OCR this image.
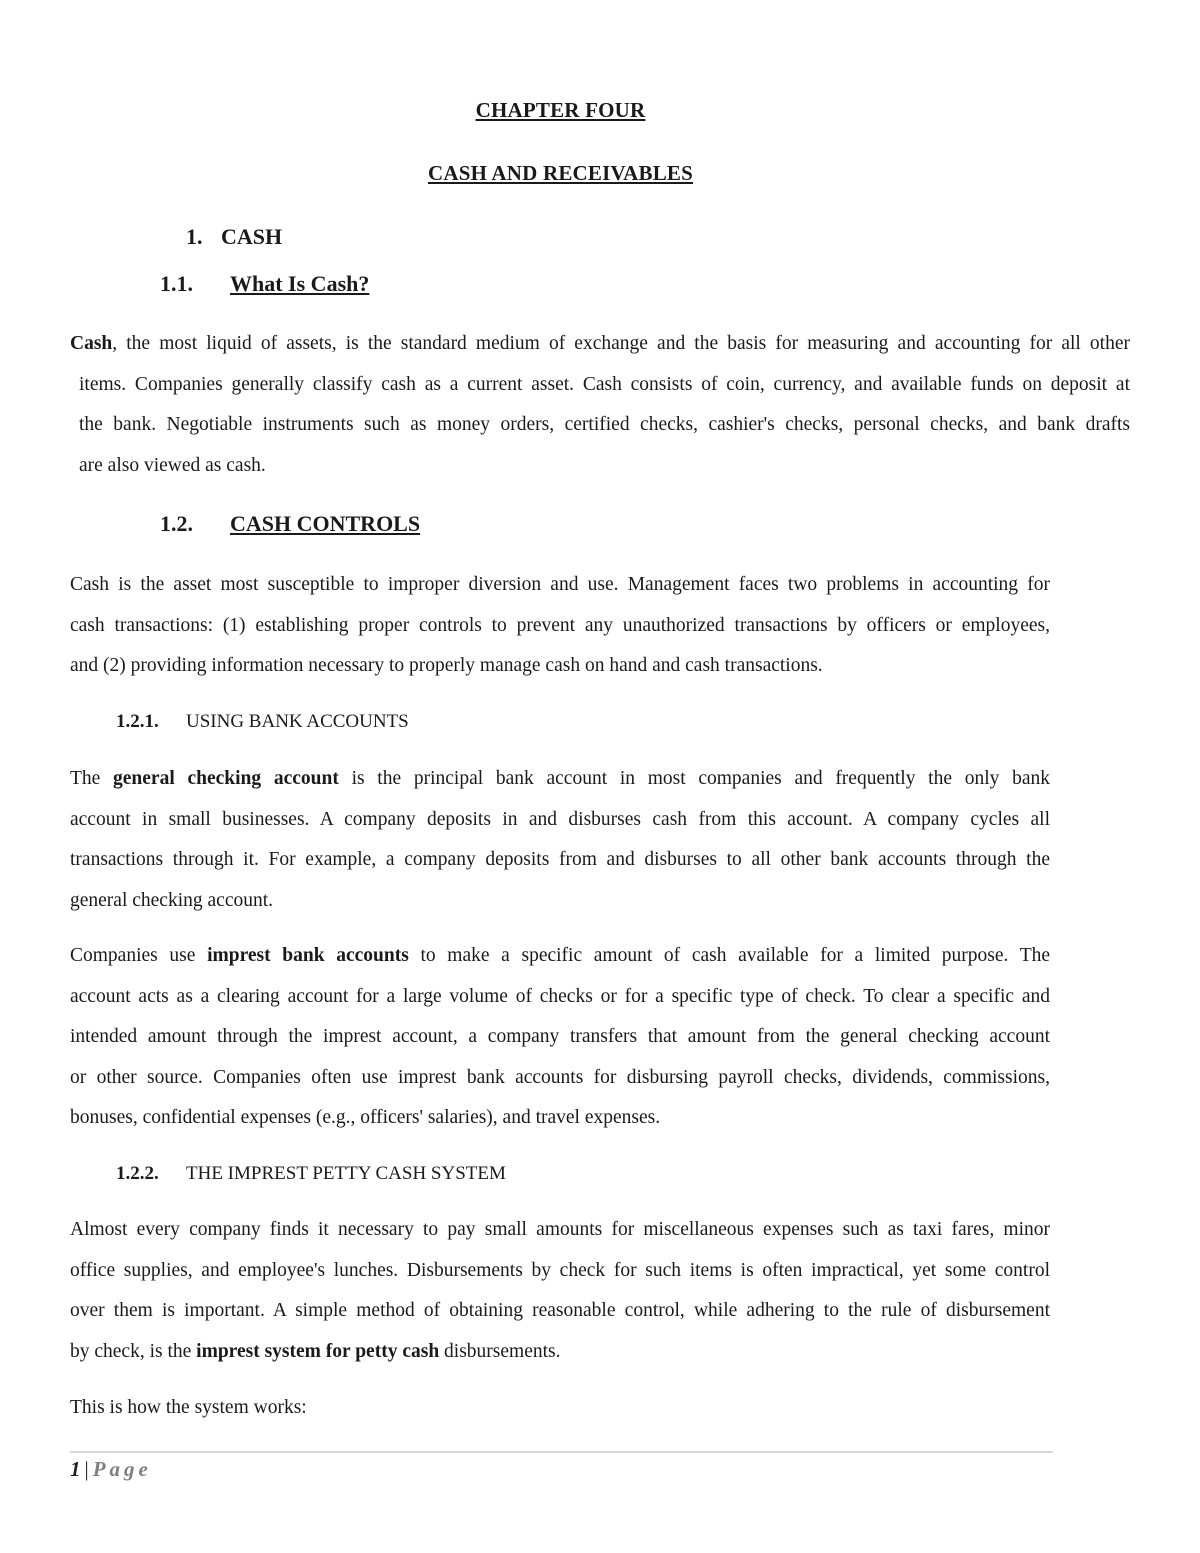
CHAPTER FOUR
CASH AND RECEIVABLES
1. CASH
1.1. What Is Cash?
Cash, the most liquid of assets, is the standard medium of exchange and the basis for measuring and accounting for all other
items. Companies generally classify cash as a current asset. Cash consists of coin, currency, and available funds on deposit at
the bank. Negotiable instruments such as money orders, certified checks, cashier's checks, personal checks, and bank drafts
are also viewed as cash.
1.2. CASH CONTROLS
Cash is the asset most susceptible to improper diversion and use. Management faces two problems in accounting for
cash transactions: (1) establishing proper controls to prevent any unauthorized transactions by officers or employees,
and (2) providing information necessary to properly manage cash on hand and cash transactions.
1.2.1. USING BANK ACCOUNTS
The general checking account is the principal bank account in most companies and frequently the only bank
account in small businesses. A company deposits in and disburses cash from this account. A company cycles all
transactions through it. For example, a company deposits from and disburses to all other bank accounts through the
general checking account.
Companies use imprest bank accounts to make a specific amount of cash available for a limited purpose. The
account acts as a clearing account for a large volume of checks or for a specific type of check. To clear a specific and
intended amount through the imprest account, a company transfers that amount from the general checking account
or other source. Companies often use imprest bank accounts for disbursing payroll checks, dividends, commissions,
bonuses, confidential expenses (e.g., officers' salaries), and travel expenses.
1.2.2. THE IMPREST PETTY CASH SYSTEM
Almost every company finds it necessary to pay small amounts for miscellaneous expenses such as taxi fares, minor
office supplies, and employee's lunches. Disbursements by check for such items is often impractical, yet some control
over them is important. A simple method of obtaining reasonable control, while adhering to the rule of disbursement
by check, is the imprest system for petty cash disbursements.
This is how the system works:
1 | Page
